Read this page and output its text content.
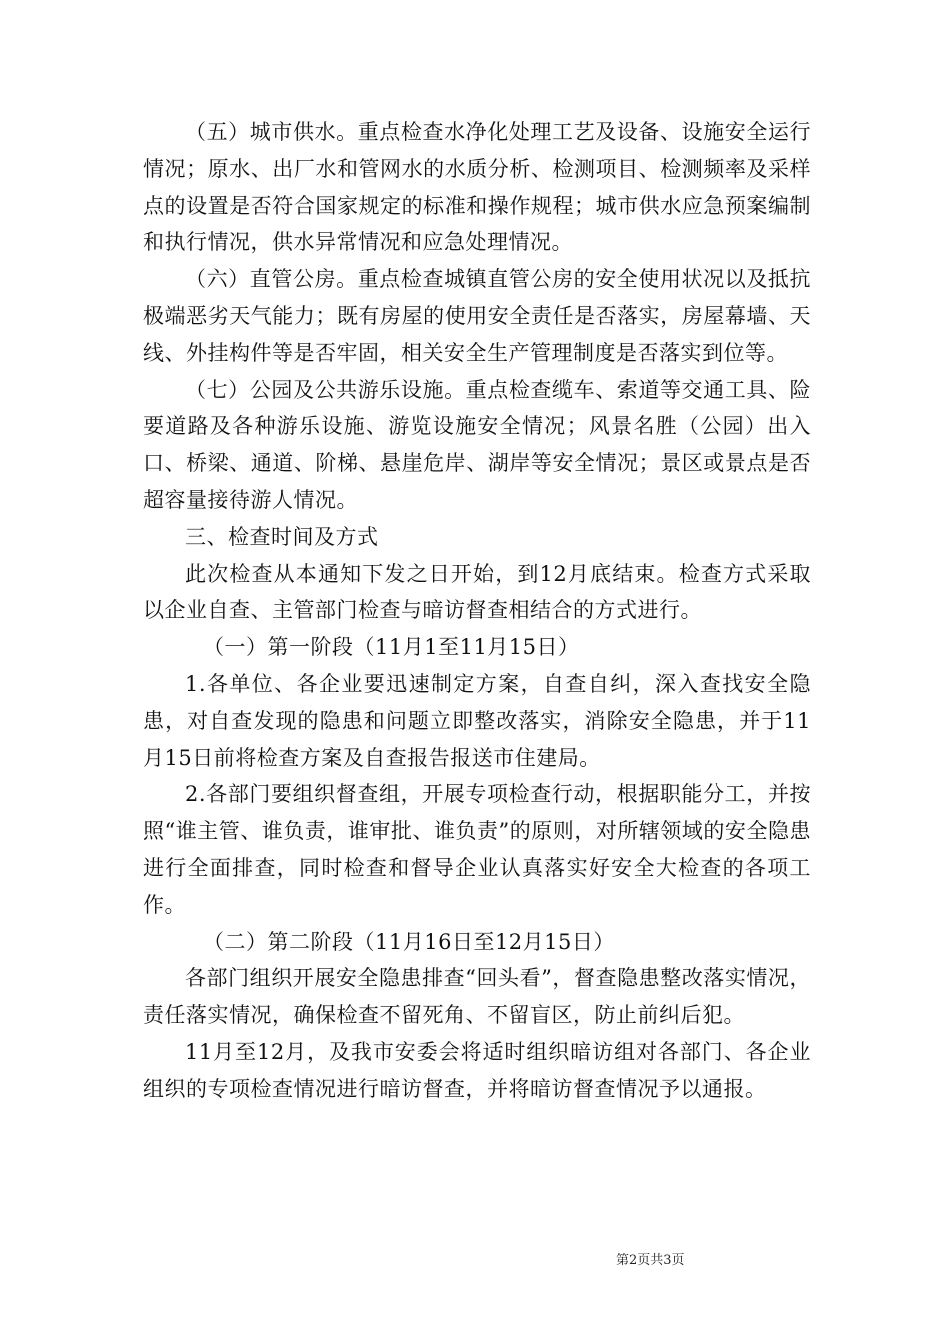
（五）城市供水。重点检查水净化处理工艺及设备、设施安全运行情况；原水、出厂水和管网水的水质分析、检测项目、检测频率及采样点的设置是否符合国家规定的标准和操作规程；城市供水应急预案编制和执行情况，供水异常情况和应急处理情况。

（六）直管公房。重点检查城镇直管公房的安全使用状况以及抵抗极端恶劣天气能力；既有房屋的使用安全责任是否落实，房屋幕墙、天线、外挂构件等是否牢固，相关安全生产管理制度是否落实到位等。

（七）公园及公共游乐设施。重点检查缆车、索道等交通工具、险要道路及各种游乐设施、游览设施安全情况；风景名胜（公园）出入口、桥梁、通道、阶梯、悬崖危岸、湖岸等安全情况；景区或景点是否超容量接待游人情况。

三、检查时间及方式

此次检查从本通知下发之日开始，到12月底结束。检查方式采取以企业自查、主管部门检查与暗访督查相结合的方式进行。

（一）第一阶段（11月1至11月15日）

1.各单位、各企业要迅速制定方案，自查自纠，深入查找安全隐患，对自查发现的隐患和问题立即整改落实，消除安全隐患，并于11月15日前将检查方案及自查报告报送市住建局。

2.各部门要组织督查组，开展专项检查行动，根据职能分工，并按照“谁主管、谁负责，谁审批、谁负责”的原则，对所辖领域的安全隐患进行全面排查，同时检查和督导企业认真落实好安全大检查的各项工作。

（二）第二阶段（11月16日至12月15日）

各部门组织开展安全隐患排查“回头看”，督查隐患整改落实情况，责任落实情况，确保检查不留死角、不留盲区，防止前纠后犯。

11月至12月，及我市安委会将适时组织暗访组对各部门、各企业组织的专项检查情况进行暗访督查，并将暗访督查情况予以通报。

第2页共3页
